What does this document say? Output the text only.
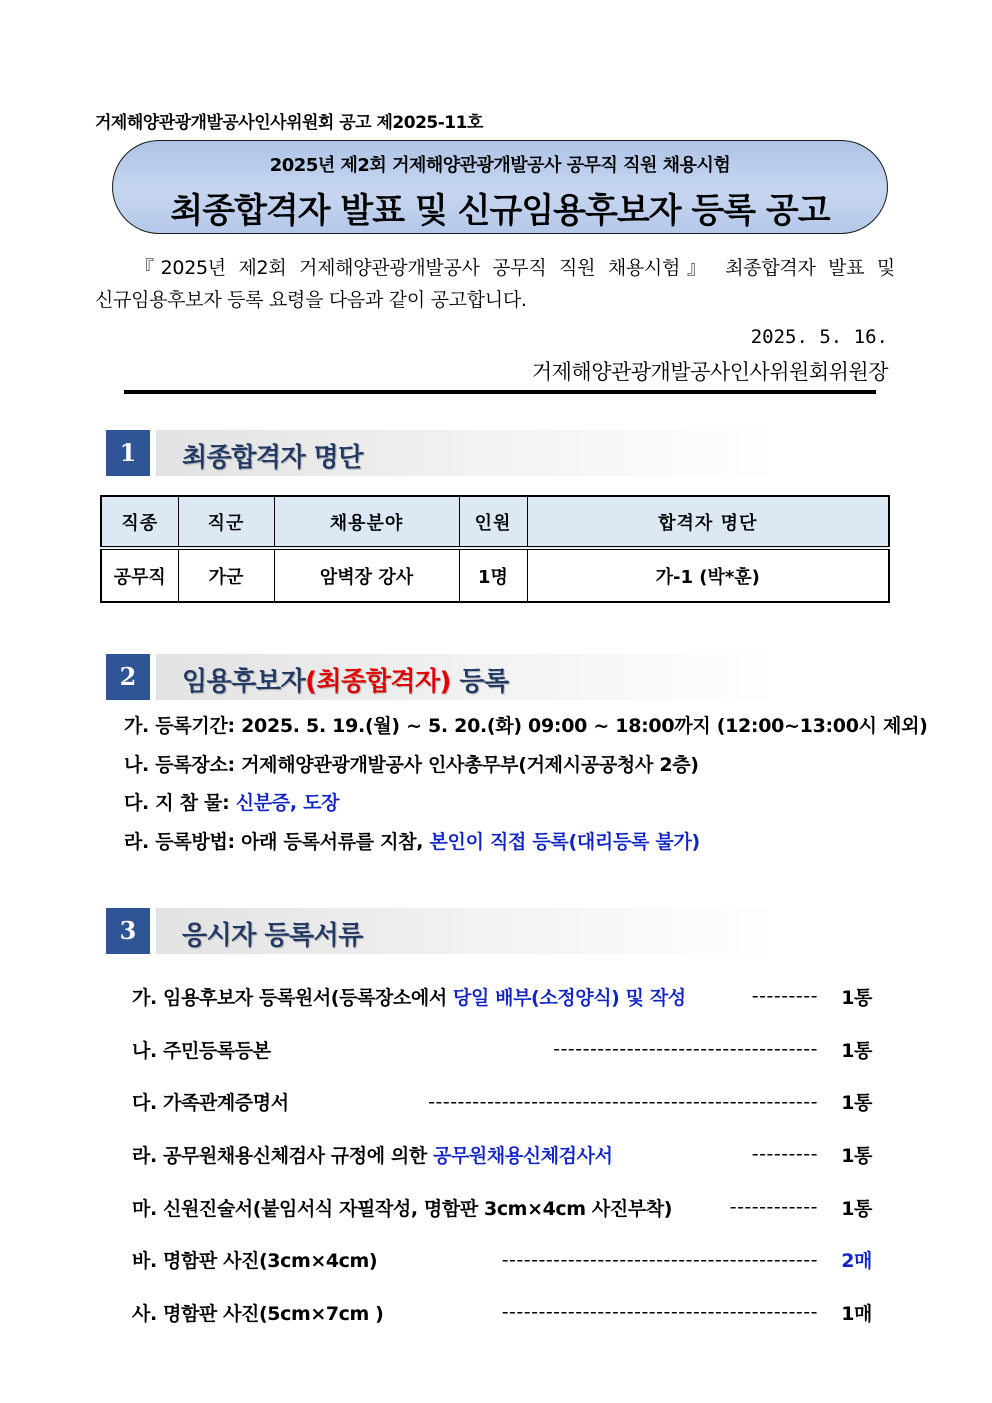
거제해양관광개발공사인사위원회 공고 제2025-11호
2025년 제2회 거제해양관광개발공사 공무직 직원 채용시험
최종합격자 발표 및 신규임용후보자 등록 공고
『2025년 제2회 거제해양관광개발공사 공무직 직원 채용시험』 최종합격자 발표 및
신규임용후보자 등록 요령을 다음과 같이 공고합니다.
2025. 5. 16.
거제해양관광개발공사인사위원회위원장
1	최종합격자 명단
직종	직군	채용분야	인원	합격자 명단
공무직	가군	암벽장 강사	1명	가-1 (박*훈)
2	임용후보자(최종합격자) 등록
가. 등록기간: 2025. 5. 19.(월) ~ 5. 20.(화) 09:00 ~ 18:00까지 (12:00~13:00시 제외)
나. 등록장소: 거제해양관광개발공사 인사총무부(거제시공공청사 2층)
다. 지 참 물: 신분증, 도장
라. 등록방법: 아래 등록서류를 지참, 본인이 직접 등록(대리등록 불가)
3	응시자 등록서류
가. 임용후보자 등록원서(등록장소에서 당일 배부(소정양식) 및 작성	---------	1통
나. 주민등록등본	------------------------------------	1통
다. 가족관계증명서	-----------------------------------------------------	1통
라. 공무원채용신체검사 규정에 의한 공무원채용신체검사서	---------	1통
마. 신원진술서(붙임서식 자필작성, 명함판 3cm×4cm 사진부착)	------------	1통
바. 명함판 사진(3cm×4cm)	-------------------------------------------	2매
사. 명함판 사진(5cm×7cm )	-------------------------------------------	1매
